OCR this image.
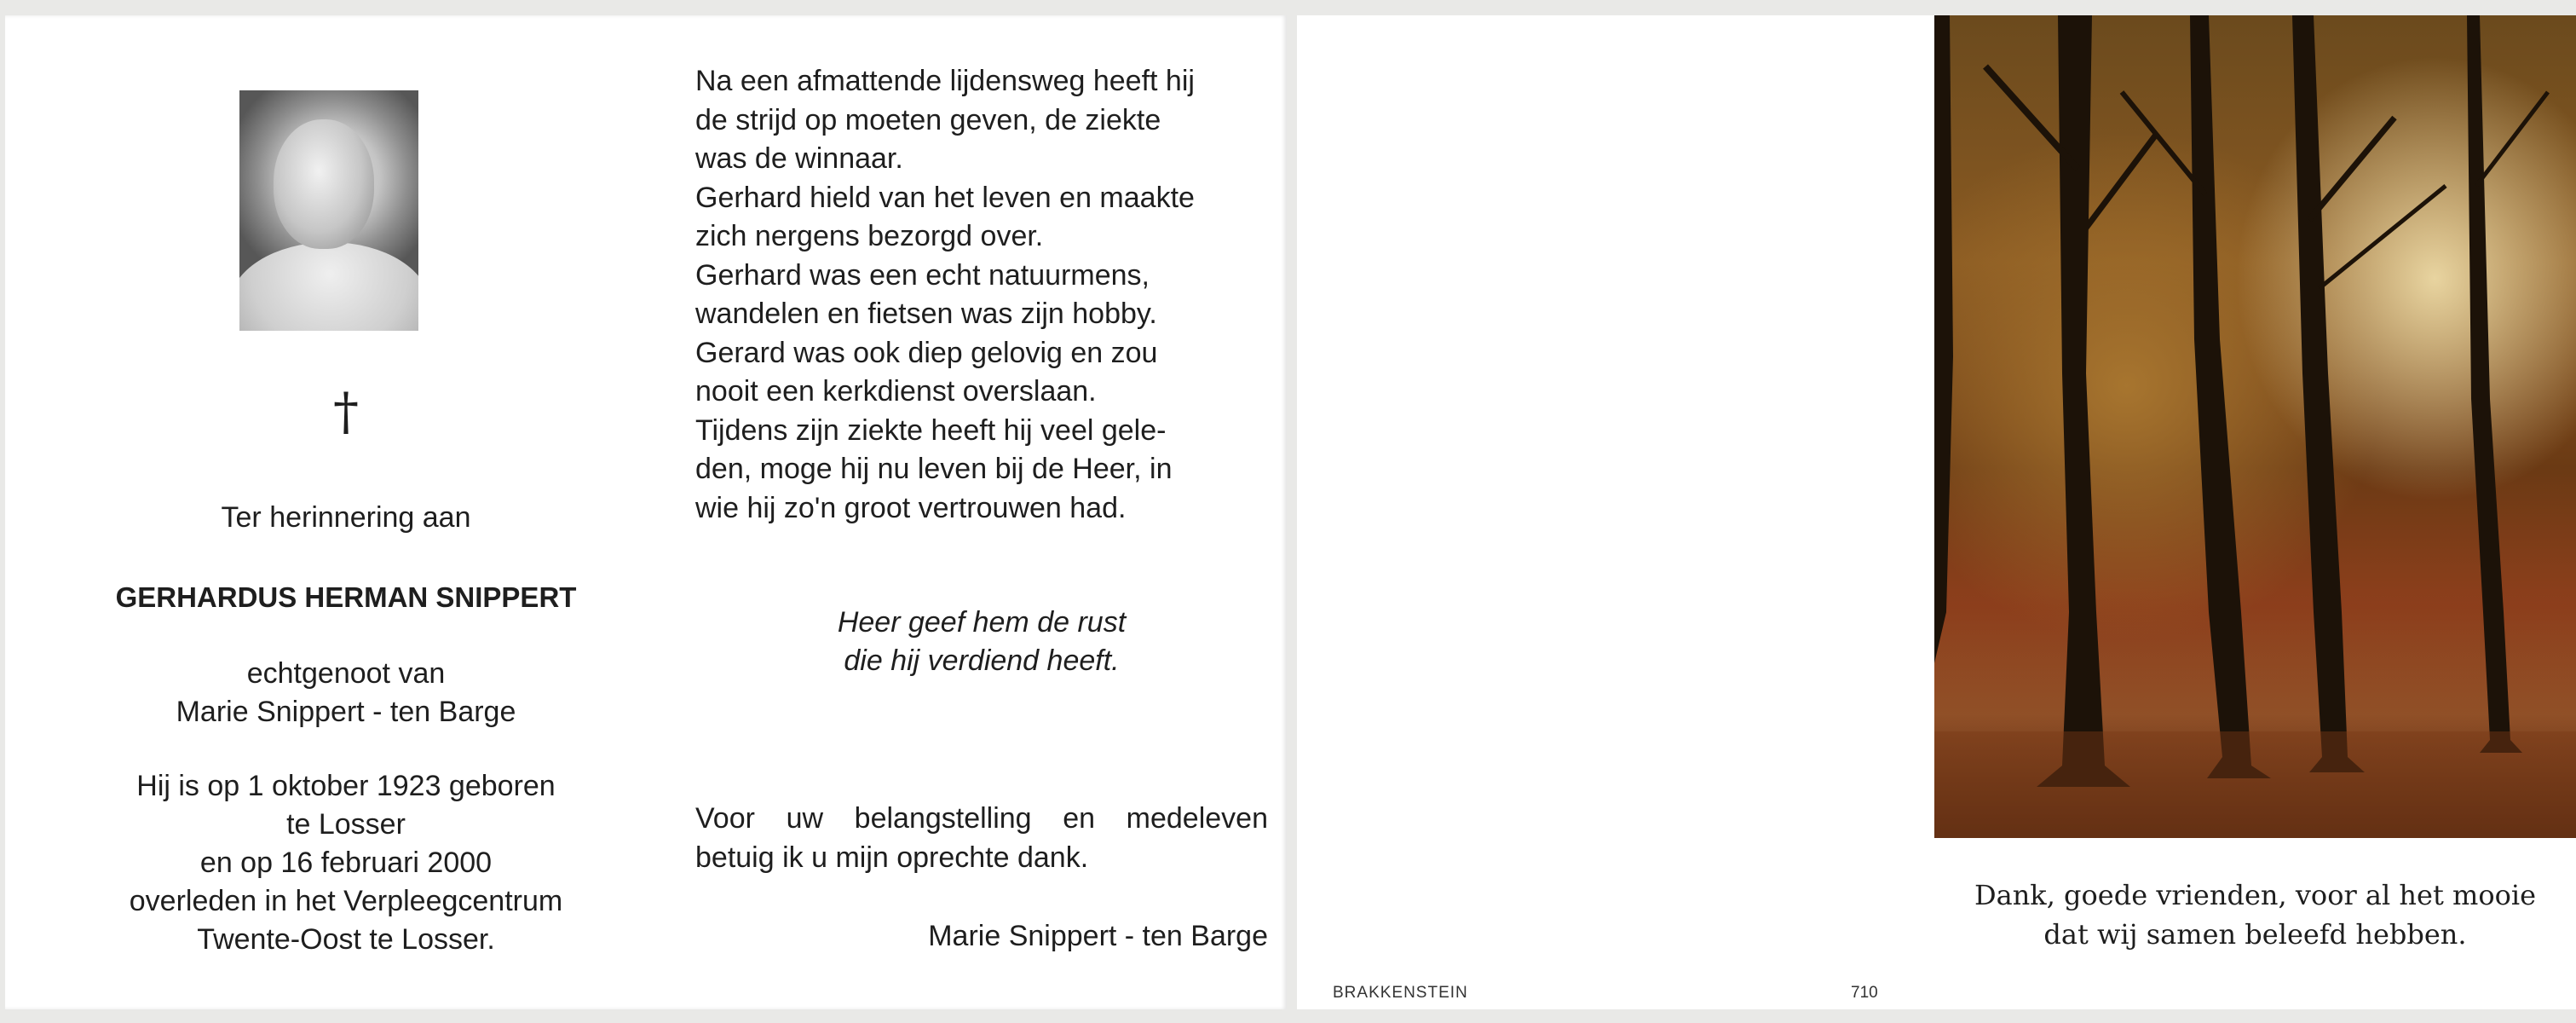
†
Ter herinnering aan
GERHARDUS HERMAN SNIPPERT
echtgenoot van
Marie Snippert - ten Barge
Hij is op 1 oktober 1923 geboren
te Losser
en op 16 februari 2000
overleden in het Verpleegcentrum
Twente-Oost te Losser.
Na een afmattende lijdensweg heeft hij
de strijd op moeten geven, de ziekte
was de winnaar.
Gerhard hield van het leven en maakte
zich nergens bezorgd over.
Gerhard was een echt natuurmens,
wandelen en fietsen was zijn hobby.
Gerard was ook diep gelovig en zou
nooit een kerkdienst overslaan.
Tijdens zijn ziekte heeft hij veel gele-
den, moge hij nu leven bij de Heer, in
wie hij zo'n groot vertrouwen had.
Heer geef hem de rust
die hij verdiend heeft.
Voor uw belangstelling en medeleven
betuig ik u mijn oprechte dank.
Marie Snippert - ten Barge
Dank, goede vrienden, voor al het mooie
dat wij samen beleefd hebben.
BRAKKENSTEIN	710
